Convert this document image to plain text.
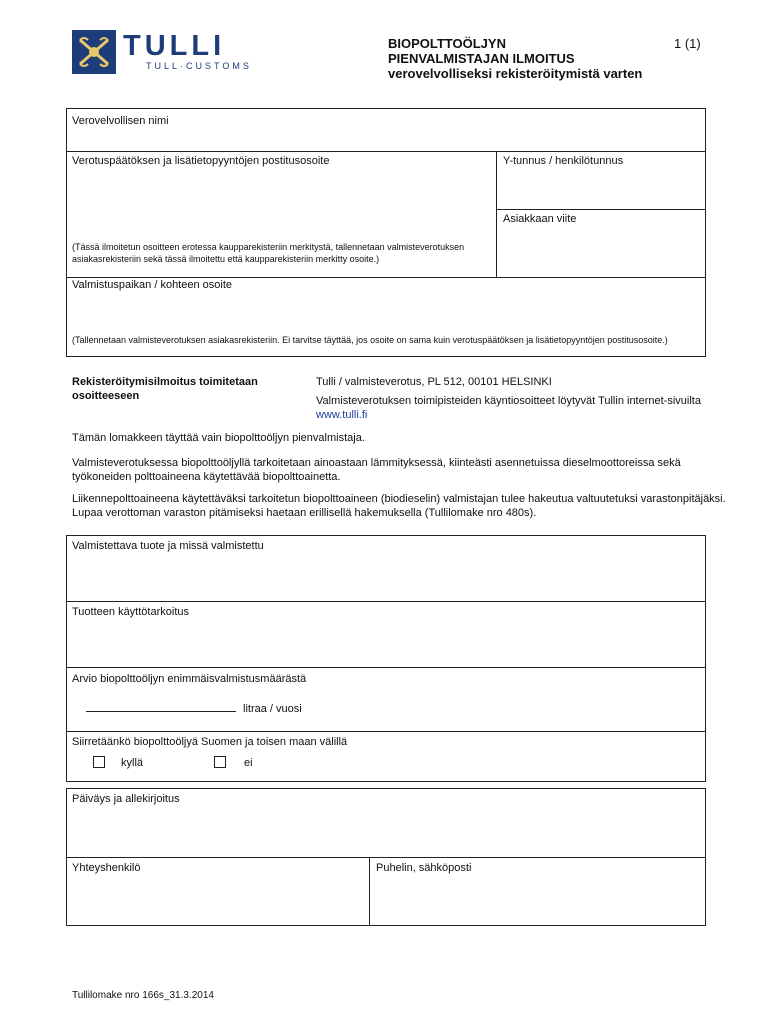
TULLI
TULL·CUSTOMS
BIOPOLTTOÖLJYN
PIENVALMISTAJAN ILMOITUS
verovelvolliseksi rekisteröitymistä varten
1 (1)
Verovelvollisen nimi
Verotuspäätöksen ja lisätietopyyntöjen postitusosoite	Y-tunnus / henkilötunnus
Asiakkaan viite
(Tässä ilmoitetun osoitteen erotessa kaupparekisteriin merkitystä, tallennetaan valmisteverotuksen asiakasrekisteriin sekä tässä ilmoitettu että kaupparekisteriin merkitty osoite.)
Valmistuspaikan / kohteen osoite
(Tallennetaan valmisteverotuksen asiakasrekisteriin. Ei tarvitse täyttää, jos osoite on sama kuin verotuspäätöksen ja lisätietopyyntöjen postitusosoite.)
Rekisteröitymisilmoitus toimitetaan osoitteeseen
Tulli / valmisteverotus, PL 512, 00101 HELSINKI
Valmisteverotuksen toimipisteiden käyntiosoitteet löytyvät Tullin internet-sivuilta www.tulli.fi
Tämän lomakkeen täyttää vain biopolttoöljyn pienvalmistaja.
Valmisteverotuksessa biopolttoöljyllä tarkoitetaan ainoastaan lämmityksessä, kiinteästi asennetuissa dieselmoottoreissa sekä työkoneiden polttoaineena käytettävää biopolttoainetta.
Liikennepolttoaineena käytettäväksi tarkoitetun biopolttoaineen (biodieselin) valmistajan tulee hakeutua valtuutetuksi varastonpitäjäksi. Lupaa verottoman varaston pitämiseksi haetaan erillisellä hakemuksella (Tullilomake nro 480s).
Valmistettava tuote ja missä valmistettu
Tuotteen käyttötarkoitus
Arvio biopolttoöljyn enimmäisvalmistusmäärästä
litraa / vuosi
Siirretäänkö biopolttoöljyä Suomen ja toisen maan välillä
kyllä	ei
Päiväys ja allekirjoitus
Yhteyshenkilö	Puhelin, sähköposti
Tullilomake nro 166s_31.3.2014
